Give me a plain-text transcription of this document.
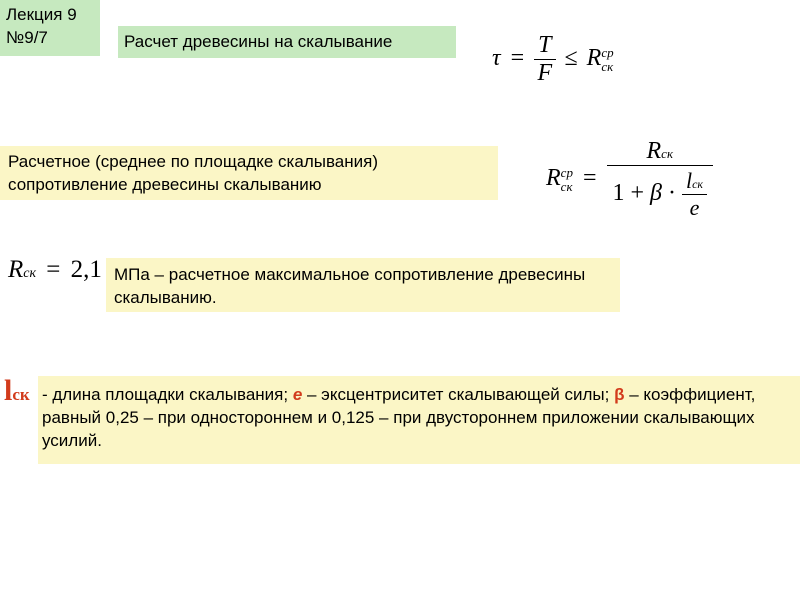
Лекция 9
№9/7	Расчет древесины на скалывание
$\tau = \frac{T}{F} \le R$ ср
ск
Расчетное (среднее по площадке скалывания) сопротивление древесины скалыванию	R ср
ск = $\frac{\text{Rск}}{1 + \beta \cdot \frac{\text{lск}}{e}}$
Rск = 2,1 МПа – расчетное максимальное сопротивление древесины скалыванию.
lск - длина площадки скалывания; е – эксцентриситет скалывающей силы; β – коэффициент, равный 0,25 – при одностороннем и 0,125 – при двустороннем приложении скалывающих усилий.
